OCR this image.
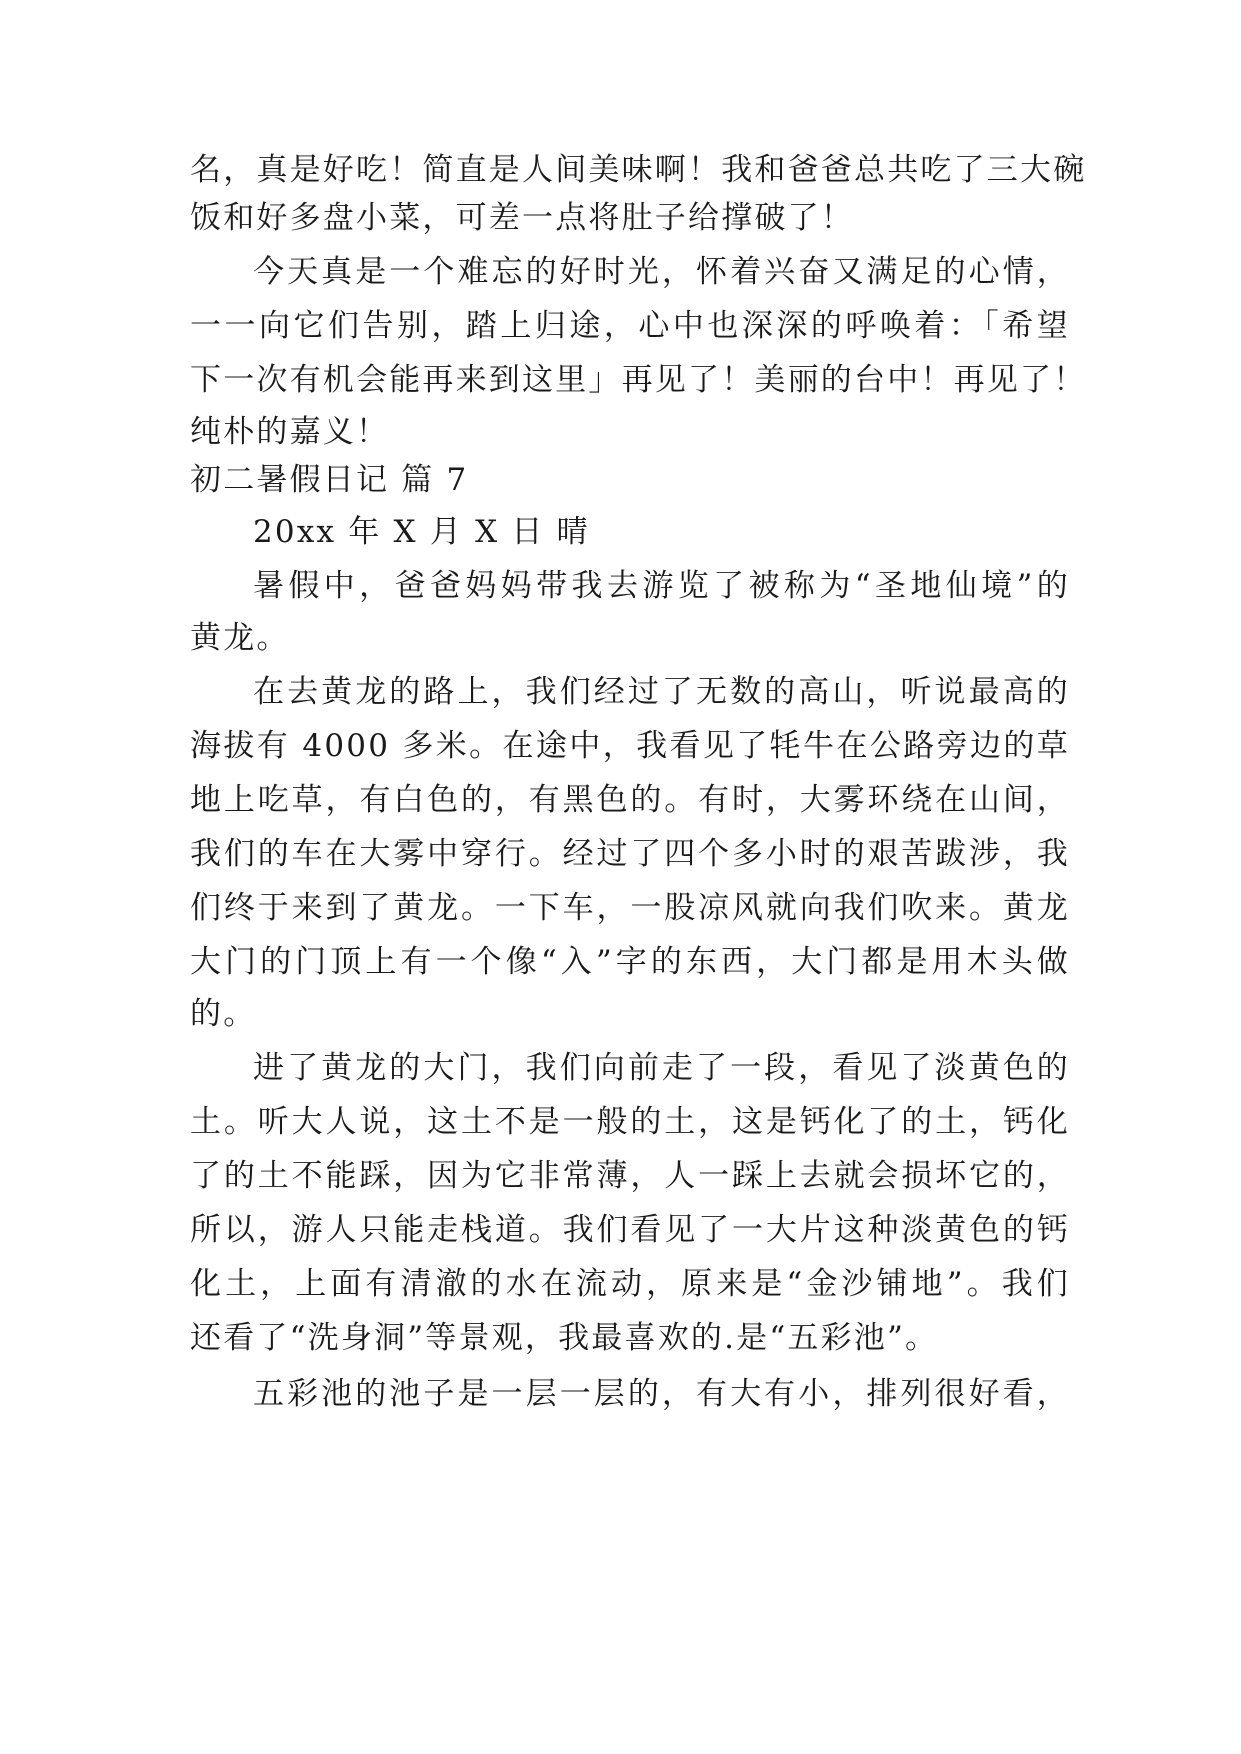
名，真是好吃！简直是人间美味啊！我和爸爸总共吃了三大碗
饭和好多盘小菜，可差一点将肚子给撑破了！
今天真是一个难忘的好时光，怀着兴奋又满足的心情，
一一向它们告别，踏上归途，心中也深深的呼唤着：「希望
下一次有机会能再来到这里」再见了！美丽的台中！再见了！
纯朴的嘉义！
初二暑假日记 篇 7
20xx 年 X 月 X 日 晴
暑假中，爸爸妈妈带我去游览了被称为“圣地仙境”的
黄龙。
在去黄龙的路上，我们经过了无数的高山，听说最高的
海拔有 4000 多米。在途中，我看见了牦牛在公路旁边的草
地上吃草，有白色的，有黑色的。有时，大雾环绕在山间，
我们的车在大雾中穿行。经过了四个多小时的艰苦跋涉，我
们终于来到了黄龙。一下车，一股凉风就向我们吹来。黄龙
大门的门顶上有一个像“入”字的东西，大门都是用木头做
的。
进了黄龙的大门，我们向前走了一段，看见了淡黄色的
土。听大人说，这土不是一般的土，这是钙化了的土，钙化
了的土不能踩，因为它非常薄，人一踩上去就会损坏它的，
所以，游人只能走栈道。我们看见了一大片这种淡黄色的钙
化土，上面有清澈的水在流动，原来是“金沙铺地”。我们
还看了“洗身洞”等景观，我最喜欢的.是“五彩池”。
五彩池的池子是一层一层的，有大有小，排列很好看，
